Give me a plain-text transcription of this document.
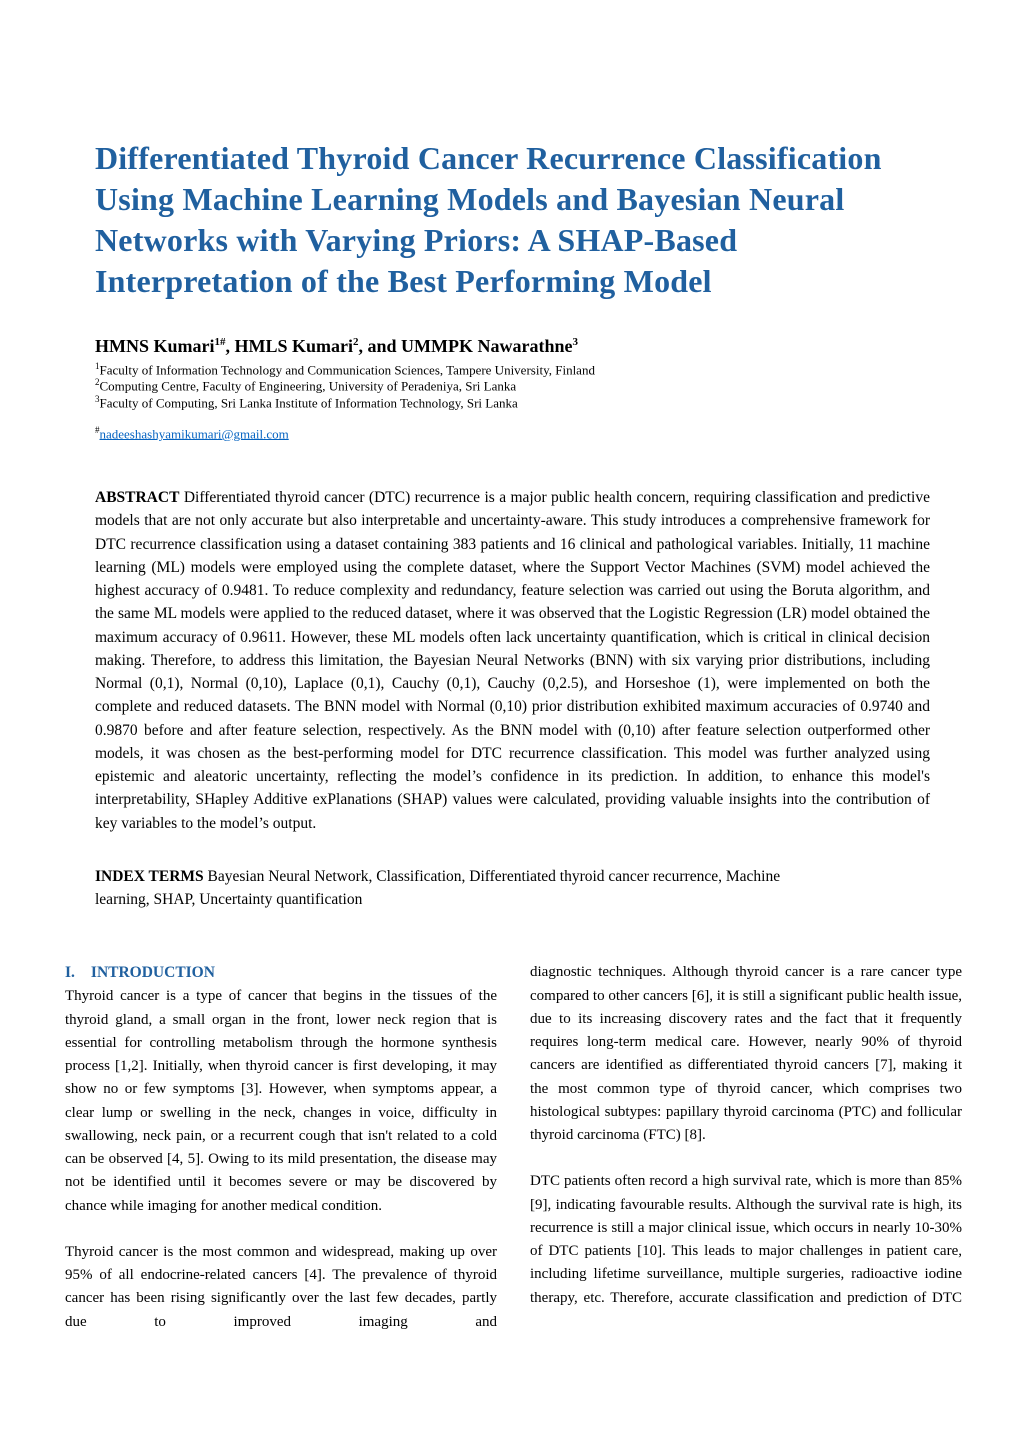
Differentiated Thyroid Cancer Recurrence Classification Using Machine Learning Models and Bayesian Neural Networks with Varying Priors: A SHAP-Based Interpretation of the Best Performing Model
HMNS Kumari$^{1\#}$, HMLS Kumari$^2$, and UMMPK Nawarathne$^3$
$^1$Faculty of Information Technology and Communication Sciences, Tampere University, Finland
$^2$Computing Centre, Faculty of Engineering, University of Peradeniya, Sri Lanka
$^3$Faculty of Computing, Sri Lanka Institute of Information Technology, Sri Lanka
#nadeeshashyamikumari@gmail.com

ABSTRACT Differentiated thyroid cancer (DTC) recurrence is a major public health concern, requiring classification and predictive models that are not only accurate but also interpretable and uncertainty-aware. This study introduces a comprehensive framework for DTC recurrence classification using a dataset containing 383 patients and 16 clinical and pathological variables. Initially, 11 machine learning (ML) models were employed using the complete dataset, where the Support Vector Machines (SVM) model achieved the highest accuracy of 0.9481. To reduce complexity and redundancy, feature selection was carried out using the Boruta algorithm, and the same ML models were applied to the reduced dataset, where it was observed that the Logistic Regression (LR) model obtained the maximum accuracy of 0.9611. However, these ML models often lack uncertainty quantification, which is critical in clinical decision making. Therefore, to address this limitation, the Bayesian Neural Networks (BNN) with six varying prior distributions, including Normal (0,1), Normal (0,10), Laplace (0,1), Cauchy (0,1), Cauchy (0,2.5), and Horseshoe (1), were implemented on both the complete and reduced datasets. The BNN model with Normal (0,10) prior distribution exhibited maximum accuracies of 0.9740 and 0.9870 before and after feature selection, respectively. As the BNN model with (0,10) after feature selection outperformed other models, it was chosen as the best-performing model for DTC recurrence classification. This model was further analyzed using epistemic and aleatoric uncertainty, reflecting the model’s confidence in its prediction. In addition, to enhance this model's interpretability, SHapley Additive exPlanations (SHAP) values were calculated, providing valuable insights into the contribution of key variables to the model’s output.

INDEX TERMS Bayesian Neural Network, Classification, Differentiated thyroid cancer recurrence, Machine learning, SHAP, Uncertainty quantification

I. INTRODUCTION

Thyroid cancer is a type of cancer that begins in the tissues of the thyroid gland, a small organ in the front, lower neck region that is essential for controlling metabolism through the hormone synthesis process [1,2]. Initially, when thyroid cancer is first developing, it may show no or few symptoms [3]. However, when symptoms appear, a clear lump or swelling in the neck, changes in voice, difficulty in swallowing, neck pain, or a recurrent cough that isn't related to a cold can be observed [4, 5]. Owing to its mild presentation, the disease may not be identified until it becomes severe or may be discovered by chance while imaging for another medical condition.

Thyroid cancer is the most common and widespread, making up over 95% of all endocrine-related cancers [4]. The prevalence of thyroid cancer has been rising significantly over the last few decades, partly due to improved imaging and

diagnostic techniques. Although thyroid cancer is a rare cancer type compared to other cancers [6], it is still a significant public health issue, due to its increasing discovery rates and the fact that it frequently requires long-term medical care. However, nearly 90% of thyroid cancers are identified as differentiated thyroid cancers [7], making it the most common type of thyroid cancer, which comprises two histological subtypes: papillary thyroid carcinoma (PTC) and follicular thyroid carcinoma (FTC) [8].

DTC patients often record a high survival rate, which is more than 85% [9], indicating favourable results. Although the survival rate is high, its recurrence is still a major clinical issue, which occurs in nearly 10-30% of DTC patients [10]. This leads to major challenges in patient care, including lifetime surveillance, multiple surgeries, radioactive iodine therapy, etc. Therefore, accurate classification and prediction of DTC
